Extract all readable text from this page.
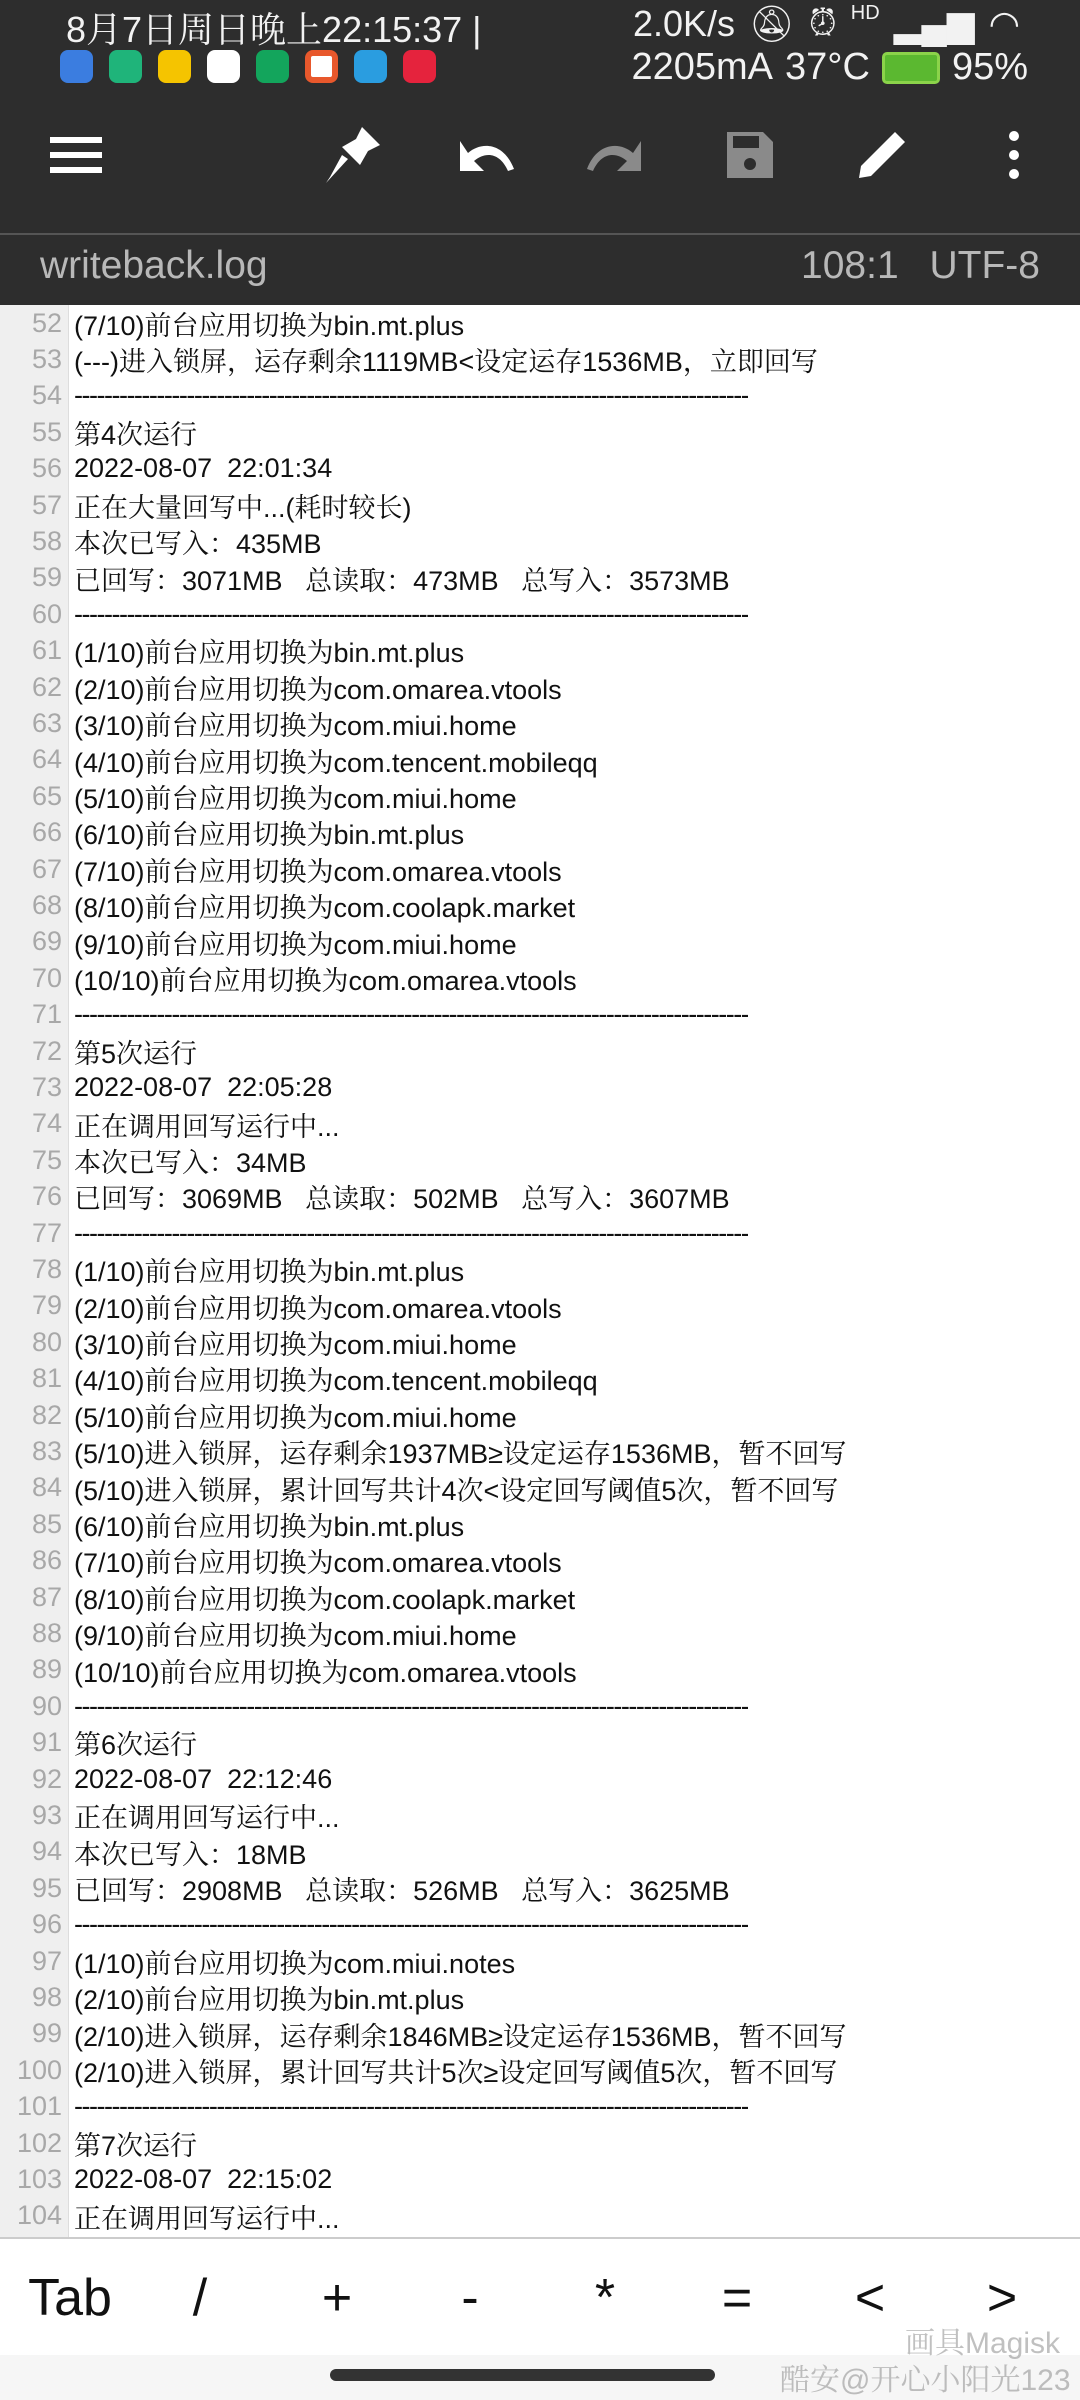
8月7日周日晚上22:15:37 |	2.0K/s 🔕︎ ⏰︎ HD ▂▄▆ ◠
2205mA 37°C 95%
writeback.log	108:1 UTF-8
52 (7/10)前台应用切换为bin.mt.plus
53 (---)进入锁屏，运存剩余1119MB<设定运存1536MB，立即回写
54 ------------------------------------------------------------------------------------------
55 第4次运行
56 2022-08-07  22:01:34
57 正在大量回写中...(耗时较长)
58 本次已写入：435MB
59 已回写：3071MB   总读取：473MB   总写入：3573MB
60 ------------------------------------------------------------------------------------------
61 (1/10)前台应用切换为bin.mt.plus
62 (2/10)前台应用切换为com.omarea.vtools
63 (3/10)前台应用切换为com.miui.home
64 (4/10)前台应用切换为com.tencent.mobileqq
65 (5/10)前台应用切换为com.miui.home
66 (6/10)前台应用切换为bin.mt.plus
67 (7/10)前台应用切换为com.omarea.vtools
68 (8/10)前台应用切换为com.coolapk.market
69 (9/10)前台应用切换为com.miui.home
70 (10/10)前台应用切换为com.omarea.vtools
71 ------------------------------------------------------------------------------------------
72 第5次运行
73 2022-08-07  22:05:28
74 正在调用回写运行中...
75 本次已写入：34MB
76 已回写：3069MB   总读取：502MB   总写入：3607MB
77 ------------------------------------------------------------------------------------------
78 (1/10)前台应用切换为bin.mt.plus
79 (2/10)前台应用切换为com.omarea.vtools
80 (3/10)前台应用切换为com.miui.home
81 (4/10)前台应用切换为com.tencent.mobileqq
82 (5/10)前台应用切换为com.miui.home
83 (5/10)进入锁屏，运存剩余1937MB≥设定运存1536MB，暂不回写
84 (5/10)进入锁屏，累计回写共计4次<设定回写阈值5次，暂不回写
85 (6/10)前台应用切换为bin.mt.plus
86 (7/10)前台应用切换为com.omarea.vtools
87 (8/10)前台应用切换为com.coolapk.market
88 (9/10)前台应用切换为com.miui.home
89 (10/10)前台应用切换为com.omarea.vtools
90 ------------------------------------------------------------------------------------------
91 第6次运行
92 2022-08-07  22:12:46
93 正在调用回写运行中...
94 本次已写入：18MB
95 已回写：2908MB   总读取：526MB   总写入：3625MB
96 ------------------------------------------------------------------------------------------
97 (1/10)前台应用切换为com.miui.notes
98 (2/10)前台应用切换为bin.mt.plus
99 (2/10)进入锁屏，运存剩余1846MB≥设定运存1536MB，暂不回写
100 (2/10)进入锁屏，累计回写共计5次≥设定回写阈值5次，暂不回写
101 ------------------------------------------------------------------------------------------
102 第7次运行
103 2022-08-07  22:15:02
104 正在调用回写运行中...
Tab	/	+	-	*	=	<	>
画具Magisk
酷安@开心小阳光123
